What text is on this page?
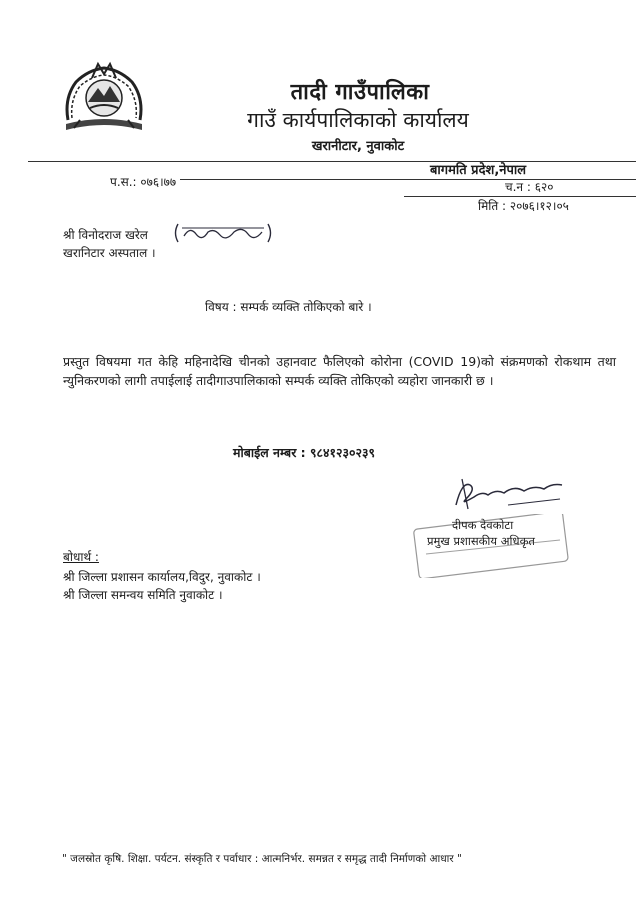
तादी गाउँपालिका
गाउँ कार्यपालिकाको कार्यालय
खरानीटार, नुवाकोट
बागमति प्रदेश,नेपाल
प.स.: ०७६।७७	च.न : ६२०
मिति : २०७६।१२।०५
श्री विनोदराज खरेल
खरानिटार अस्पताल ।
विषय : सम्पर्क व्यक्ति तोकिएको बारे ।
प्रस्तुत विषयमा गत केहि महिनादेखि चीनको उहानवाट फैलिएको कोरोना (COVID 19)को संक्रमणको रोकथाम तथा न्युनिकरणको लागी तपाईलाई तादीगाउपालिकाको सम्पर्क व्यक्ति तोकिएको व्यहोरा जानकारी छ ।
मोबाईल नम्बर : ९८४१२३०२३९
दीपक देवकोटा
प्रमुख प्रशासकीय अधिकृत
बोधार्थ :
श्री जिल्ला प्रशासन कार्यालय,विदुर, नुवाकोट ।
श्री जिल्ला समन्वय समिति नुवाकोट ।
" जलस्रोत कृषि. शिक्षा. पर्यटन. संस्कृति र पर्वाधार : आत्मनिर्भर. समन्नत र समृद्ध तादी निर्माणको आधार "
